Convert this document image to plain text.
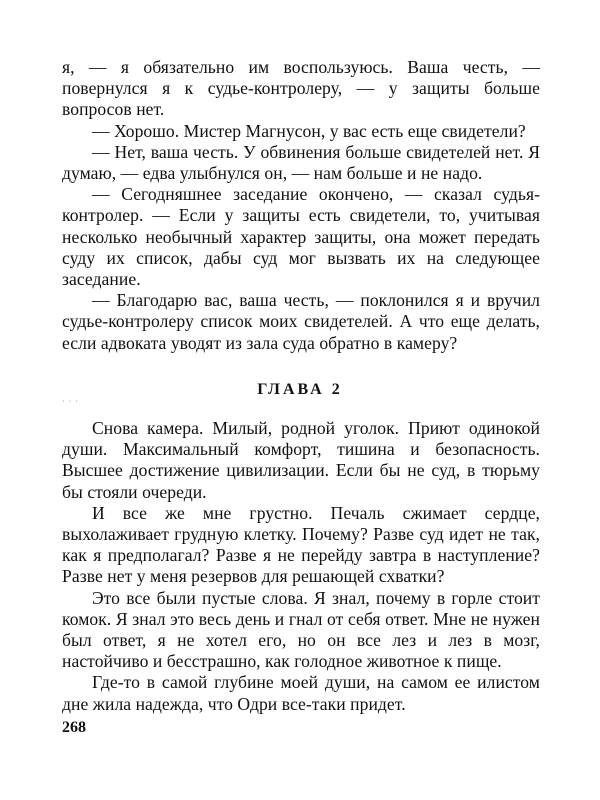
я, — я обязательно им воспользуюсь. Ваша честь, — повернулся я к судье-контролеру, — у защиты больше вопросов нет.

— Хорошо. Мистер Магнусон, у вас есть еще свидетели?

— Нет, ваша честь. У обвинения больше свидетелей нет. Я думаю, — едва улыбнулся он, — нам больше и не надо.

— Сегодняшнее заседание окончено, — сказал судья-контролер. — Если у защиты есть свидетели, то, учитывая несколько необычный характер защиты, она может передать суду их список, дабы суд мог вызвать их на следующее заседание.

— Благодарю вас, ваша честь, — поклонился я и вручил судье-контролеру список моих свидетелей. А что еще делать, если адвоката уводят из зала суда обратно в камеру?

ГЛАВА 2
···

Снова камера. Милый, родной уголок. Приют одинокой души. Максимальный комфорт, тишина и безопасность. Высшее достижение цивилизации. Если бы не суд, в тюрьму бы стояли очереди.

И все же мне грустно. Печаль сжимает сердце, выхолаживает грудную клетку. Почему? Разве суд идет не так, как я предполагал? Разве я не перейду завтра в наступление? Разве нет у меня резервов для решающей схватки?

Это все были пустые слова. Я знал, почему в горле стоит комок. Я знал это весь день и гнал от себя ответ. Мне не нужен был ответ, я не хотел его, но он все лез и лез в мозг, настойчиво и бесстрашно, как голодное животное к пище.

Где-то в самой глубине моей души, на самом ее илистом дне жила надежда, что Одри все-таки придет.

268
